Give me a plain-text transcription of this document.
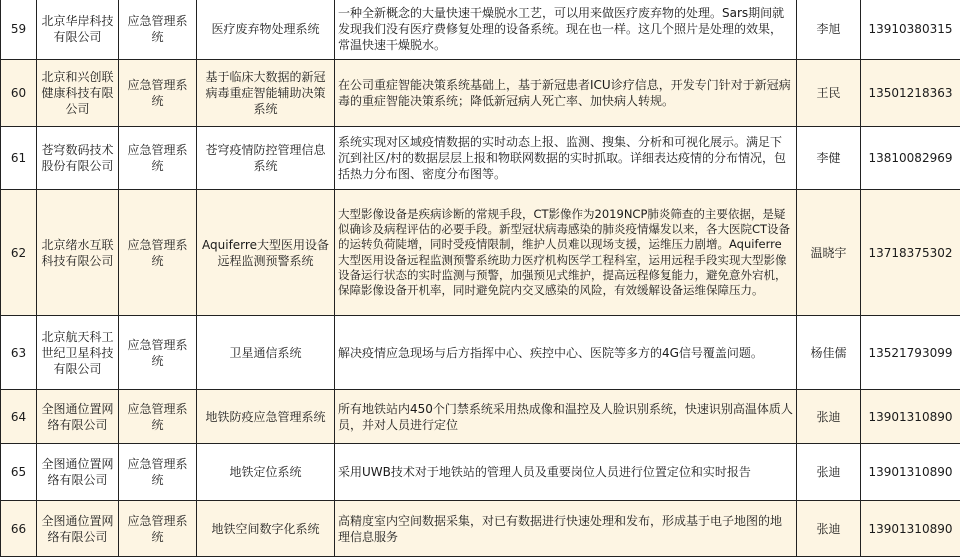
59	北京华岸科技有限公司	应急管理系统	医疗废弃物处理系统	一种全新概念的大量快速干燥脱水工艺，可以用来做医疗废弃物的处理。Sars期间就发现我们没有医疗费修复处理的设备系统。现在也一样。这几个照片是处理的效果，常温快速干燥脱水。	李旭	13910380315
60	北京和兴创联健康科技有限公司	应急管理系统	基于临床大数据的新冠病毒重症智能辅助决策系统	在公司重症智能决策系统基础上，基于新冠患者ICU诊疗信息，开发专门针对于新冠病毒的重症智能决策系统；降低新冠病人死亡率、加快病人转规。	王民	13501218363
61	苍穹数码技术股份有限公司	应急管理系统	苍穹疫情防控管理信息系统	系统实现对区域疫情数据的实时动态上报、监测、搜集、分析和可视化展示。满足下沉到社区/村的数据层层上报和物联网数据的实时抓取。详细表达疫情的分布情况，包括热力分布图、密度分布图等。	李健	13810082969
62	北京绪水互联科技有限公司	应急管理系统	Aquiferre大型医用设备远程监测预警系统	大型影像设备是疾病诊断的常规手段，CT影像作为2019NCP肺炎筛查的主要依据，是疑似确诊及病程评估的必要手段。新型冠状病毒感染的肺炎疫情爆发以来，各大医院CT设备的运转负荷陡增，同时受疫情限制，维护人员难以现场支援，运维压力剧增。Aquiferre大型医用设备远程监测预警系统助力医疗机构医学工程科室，运用远程手段实现大型影像设备运行状态的实时监测与预警，加强预见式维护，提高远程修复能力，避免意外宕机，保障影像设备开机率，同时避免院内交叉感染的风险，有效缓解设备运维保障压力。	温晓宇	13718375302
63	北京航天科工世纪卫星科技有限公司	应急管理系统	卫星通信系统	解决疫情应急现场与后方指挥中心、疾控中心、医院等多方的4G信号覆盖问题。	杨佳儒	13521793099
64	全图通位置网络有限公司	应急管理系统	地铁防疫应急管理系统	所有地铁站内450个门禁系统采用热成像和温控及人脸识别系统，快速识别高温体质人员，并对人员进行定位	张迪	13901310890
65	全图通位置网络有限公司	应急管理系统	地铁定位系统	采用UWB技术对于地铁站的管理人员及重要岗位人员进行位置定位和实时报告	张迪	13901310890
66	全图通位置网络有限公司	应急管理系统	地铁空间数字化系统	高精度室内空间数据采集，对已有数据进行快速处理和发布，形成基于电子地图的地理信息服务	张迪	13901310890
